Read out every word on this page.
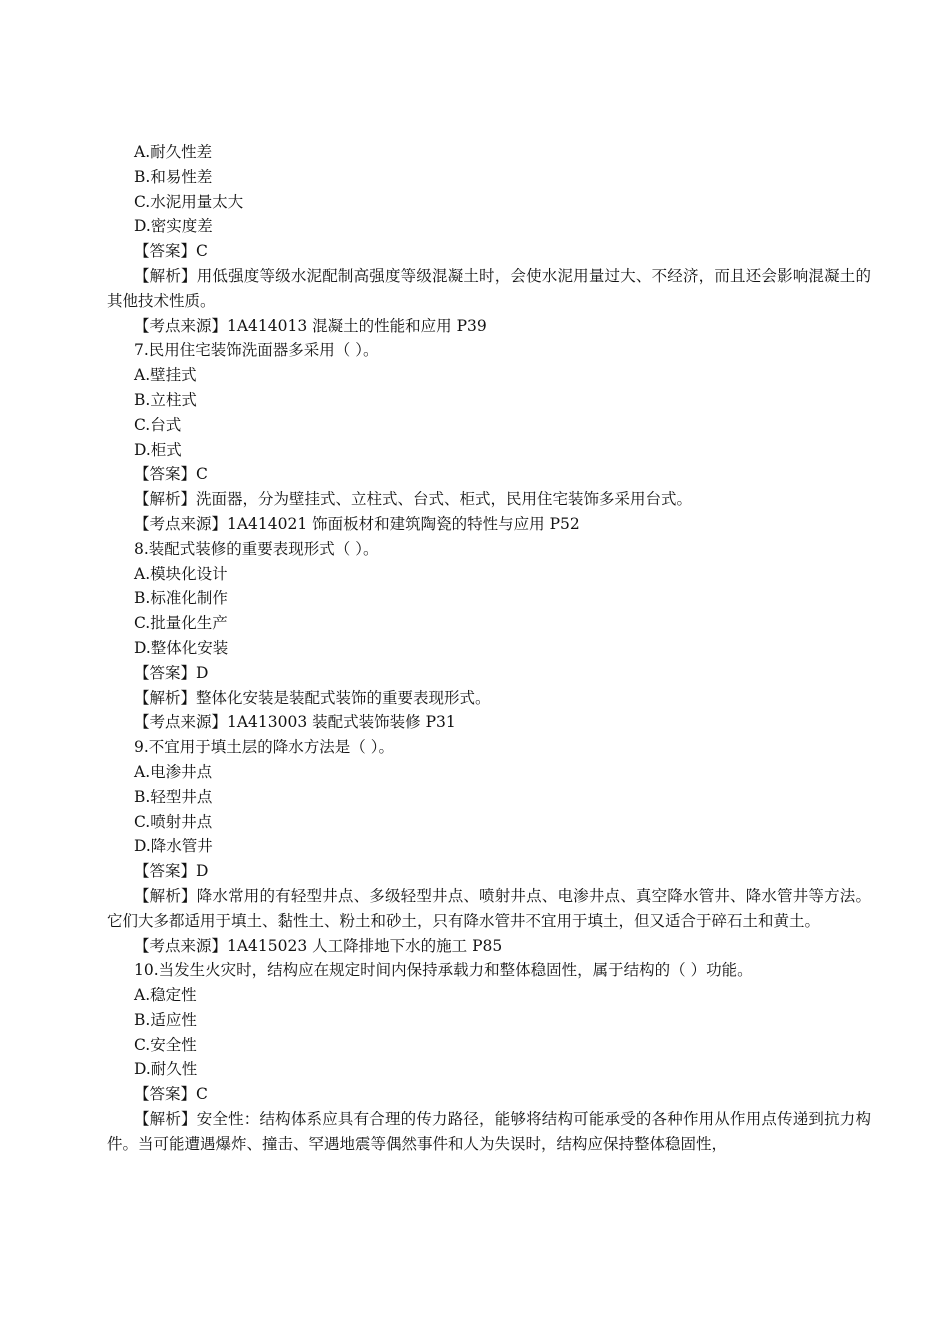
A.耐久性差

B.和易性差

C.水泥用量太大

D.密实度差

【答案】C

【解析】用低强度等级水泥配制高强度等级混凝土时，会使水泥用量过大、不经济，而且还会影响混凝土的其他技术性质。

【考点来源】1A414013 混凝土的性能和应用 P39

7.民用住宅装饰洗面器多采用（ ）。

A.壁挂式

B.立柱式

C.台式

D.柜式

【答案】C

【解析】洗面器，分为壁挂式、立柱式、台式、柜式，民用住宅装饰多采用台式。

【考点来源】1A414021 饰面板材和建筑陶瓷的特性与应用 P52

8.装配式装修的重要表现形式（ ）。

A.模块化设计

B.标准化制作

C.批量化生产

D.整体化安装

【答案】D

【解析】整体化安装是装配式装饰的重要表现形式。

【考点来源】1A413003 装配式装饰装修 P31

9.不宜用于填土层的降水方法是（ ）。

A.电渗井点

B.轻型井点

C.喷射井点

D.降水管井

【答案】D

【解析】降水常用的有轻型井点、多级轻型井点、喷射井点、电渗井点、真空降水管井、降水管井等方法。它们大多都适用于填土、黏性土、粉土和砂土，只有降水管井不宜用于填土，但又适合于碎石土和黄土。

【考点来源】1A415023 人工降排地下水的施工 P85

10.当发生火灾时，结构应在规定时间内保持承载力和整体稳固性，属于结构的（ ）功能。

A.稳定性

B.适应性

C.安全性

D.耐久性

【答案】C

【解析】安全性：结构体系应具有合理的传力路径，能够将结构可能承受的各种作用从作用点传递到抗力构件。当可能遭遇爆炸、撞击、罕遇地震等偶然事件和人为失误时，结构应保持整体稳固性，
